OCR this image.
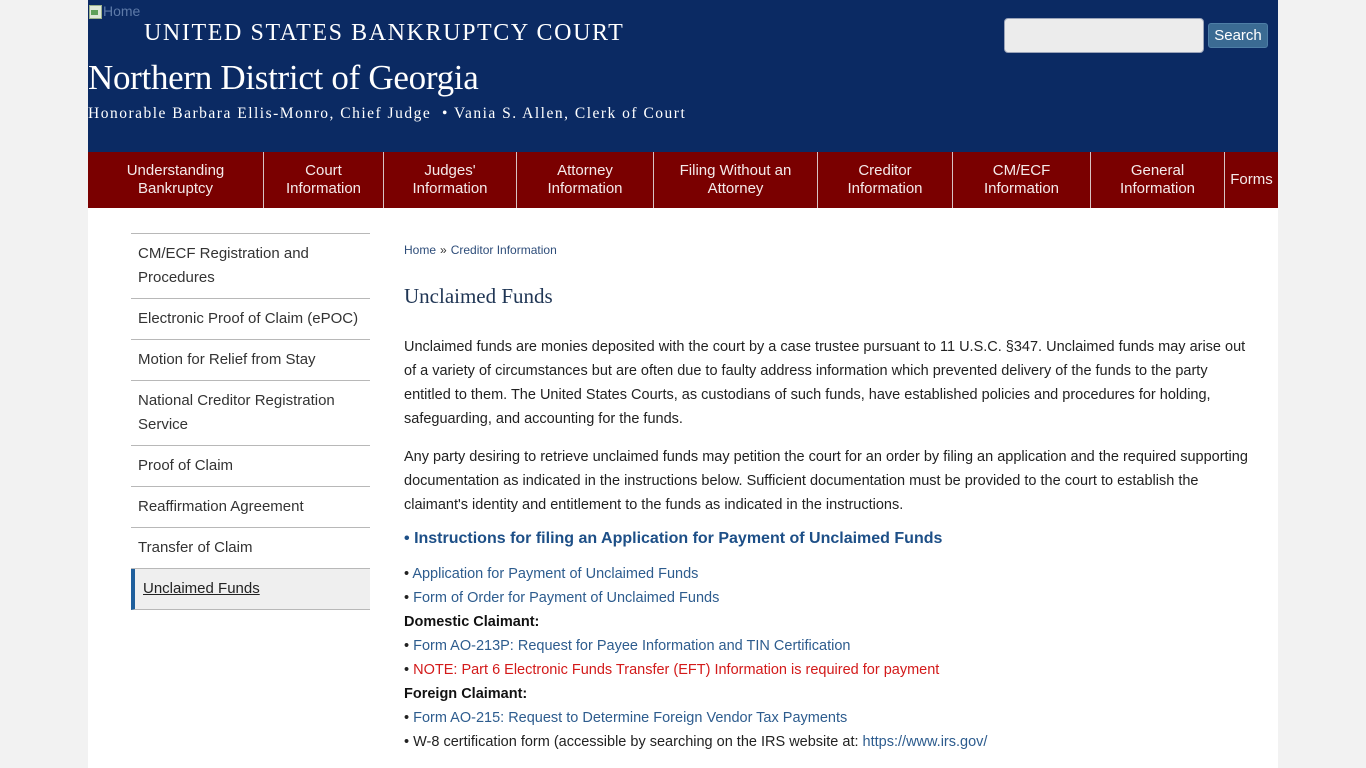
Home
UNITED STATES BANKRUPTCY COURT
Northern District of Georgia
Honorable Barbara Ellis-Monro, Chief Judge  • Vania S. Allen, Clerk of Court
Search
Understanding Bankruptcy
Court Information
Judges' Information
Attorney Information
Filing Without an Attorney
Creditor Information
CM/ECF Information
General Information
Forms
CM/ECF Registration and Procedures
Electronic Proof of Claim (ePOC)
Motion for Relief from Stay
National Creditor Registration Service
Proof of Claim
Reaffirmation Agreement
Transfer of Claim
Unclaimed Funds
Home » Creditor Information
Unclaimed Funds

Unclaimed funds are monies deposited with the court by a case trustee pursuant to 11 U.S.C. §347. Unclaimed funds may arise out of a variety of circumstances but are often due to faulty address information which prevented delivery of the funds to the party entitled to them. The United States Courts, as custodians of such funds, have established policies and procedures for holding, safeguarding, and accounting for the funds.

Any party desiring to retrieve unclaimed funds may petition the court for an order by filing an application and the required supporting documentation as indicated in the instructions below. Sufficient documentation must be provided to the court to establish the claimant's identity and entitlement to the funds as indicated in the instructions.

• Instructions for filing an Application for Payment of Unclaimed Funds
• Application for Payment of Unclaimed Funds
• Form of Order for Payment of Unclaimed Funds
Domestic Claimant:
• Form AO-213P: Request for Payee Information and TIN Certification
• NOTE: Part 6 Electronic Funds Transfer (EFT) Information is required for payment
Foreign Claimant:
• Form AO-215: Request to Determine Foreign Vendor Tax Payments
• W-8 certification form (accessible by searching on the IRS website at: https://www.irs.gov/
